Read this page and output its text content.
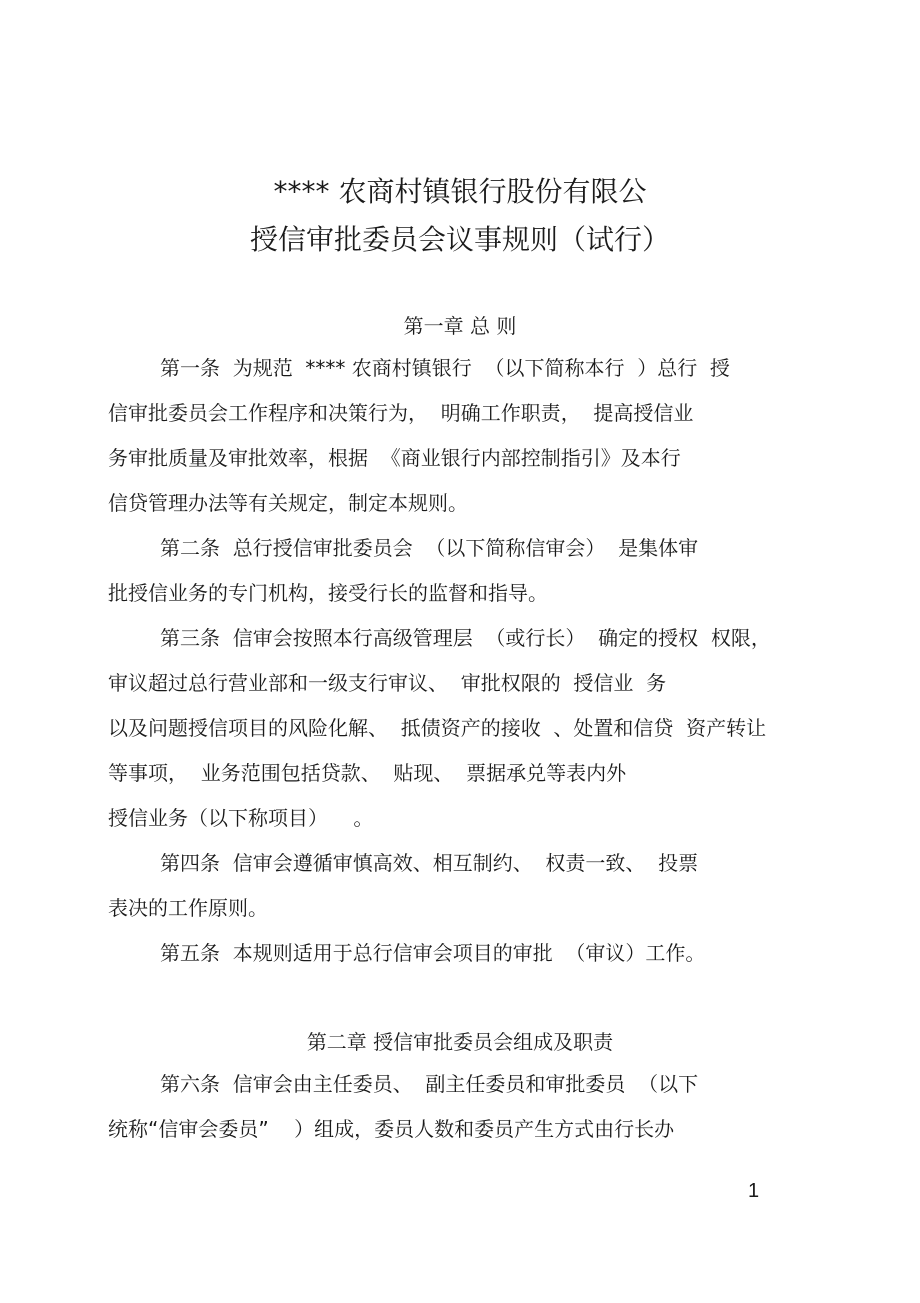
**** 农商村镇银行股份有限公
授信审批委员会议事规则（试行）
第一章 总 则
第一条  为规范  **** 农商村镇银行  （以下简称本行  ）总行  授
信审批委员会工作程序和决策行为，  明确工作职责，  提高授信业
务审批质量及审批效率，根据  《商业银行内部控制指引》及本行
信贷管理办法等有关规定，制定本规则。
第二条  总行授信审批委员会  （以下简称信审会）  是集体审
批授信业务的专门机构，接受行长的监督和指导。
第三条  信审会按照本行高级管理层  （或行长）  确定的授权  权限，
审议超过总行营业部和一级支行审议、  审批权限的  授信业  务
以及问题授信项目的风险化解、  抵债资产的接收  、处置和信贷  资产转让
等事项，  业务范围包括贷款、  贴现、  票据承兑等表内外
授信业务（以下称项目）    。
第四条  信审会遵循审慎高效、相互制约、  权责一致、  投票
表决的工作原则。
第五条  本规则适用于总行信审会项目的审批  （审议）工作。
第二章 授信审批委员会组成及职责
第六条  信审会由主任委员、  副主任委员和审批委员  （以下
统称“信审会委员”    ）组成，委员人数和委员产生方式由行长办
1
